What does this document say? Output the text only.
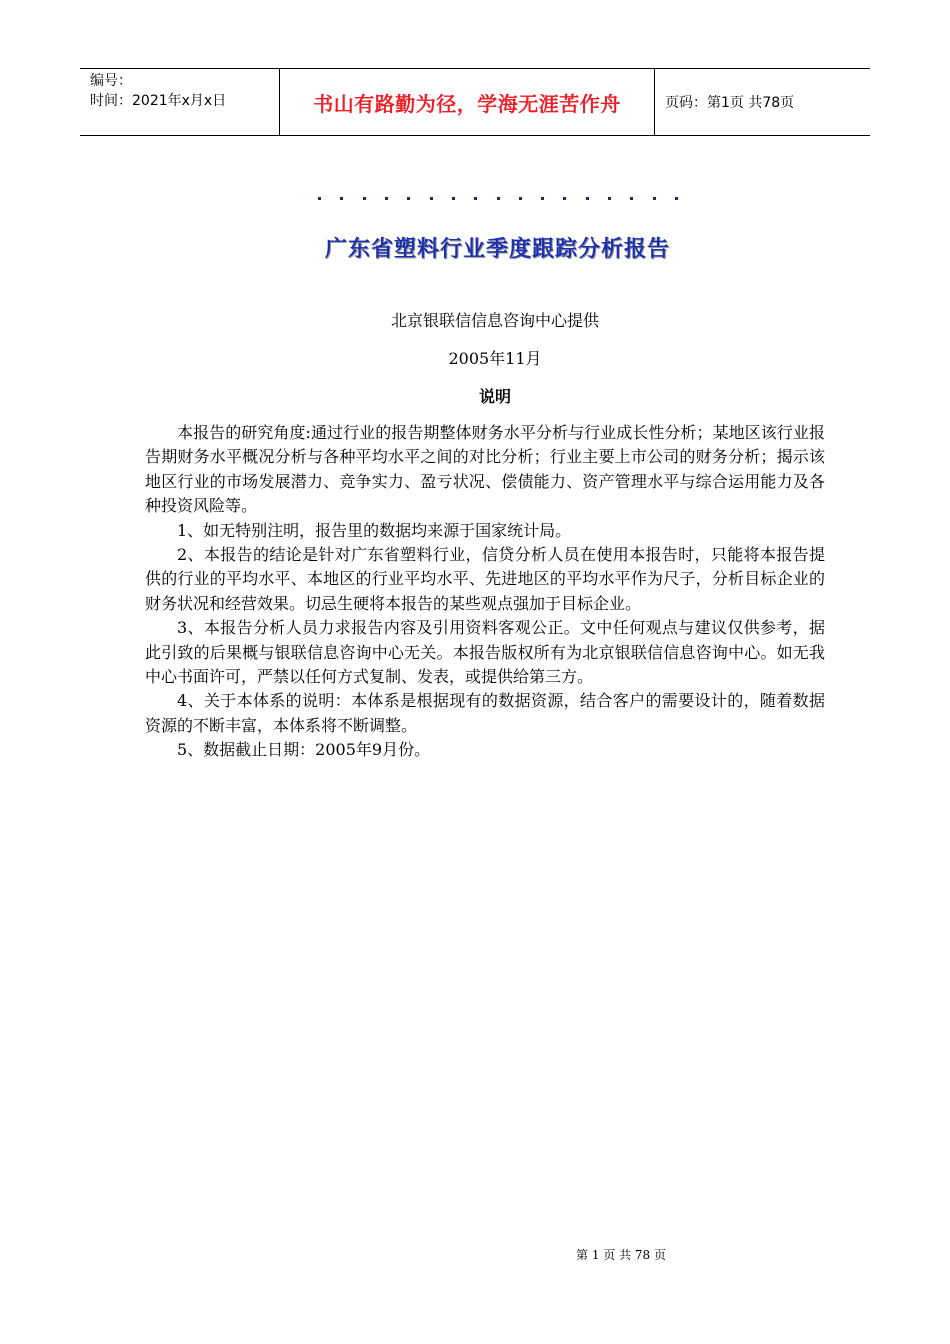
编号：
时间：2021年x月x日	书山有路勤为径，学海无涯苦作舟	页码：第1页 共78页
广东省塑料行业季度跟踪分析报告
北京银联信信息咨询中心提供
2005年11月
说明

本报告的研究角度:通过行业的报告期整体财务水平分析与行业成长性分析；某地区该行业报告期财务水平概况分析与各种平均水平之间的对比分析；行业主要上市公司的财务分析；揭示该地区行业的市场发展潜力、竞争实力、盈亏状况、偿债能力、资产管理水平与综合运用能力及各种投资风险等。

1、如无特别注明，报告里的数据均来源于国家统计局。

2、本报告的结论是针对广东省塑料行业，信贷分析人员在使用本报告时，只能将本报告提供的行业的平均水平、本地区的行业平均水平、先进地区的平均水平作为尺子，分析目标企业的财务状况和经营效果。切忌生硬将本报告的某些观点强加于目标企业。

3、本报告分析人员力求报告内容及引用资料客观公正。文中任何观点与建议仅供参考，据此引致的后果概与银联信息咨询中心无关。本报告版权所有为北京银联信信息咨询中心。如无我中心书面许可，严禁以任何方式复制、发表，或提供给第三方。

4、关于本体系的说明：本体系是根据现有的数据资源，结合客户的需要设计的，随着数据资源的不断丰富，本体系将不断调整。

5、数据截止日期：2005年9月份。

第 1 页 共 78 页
